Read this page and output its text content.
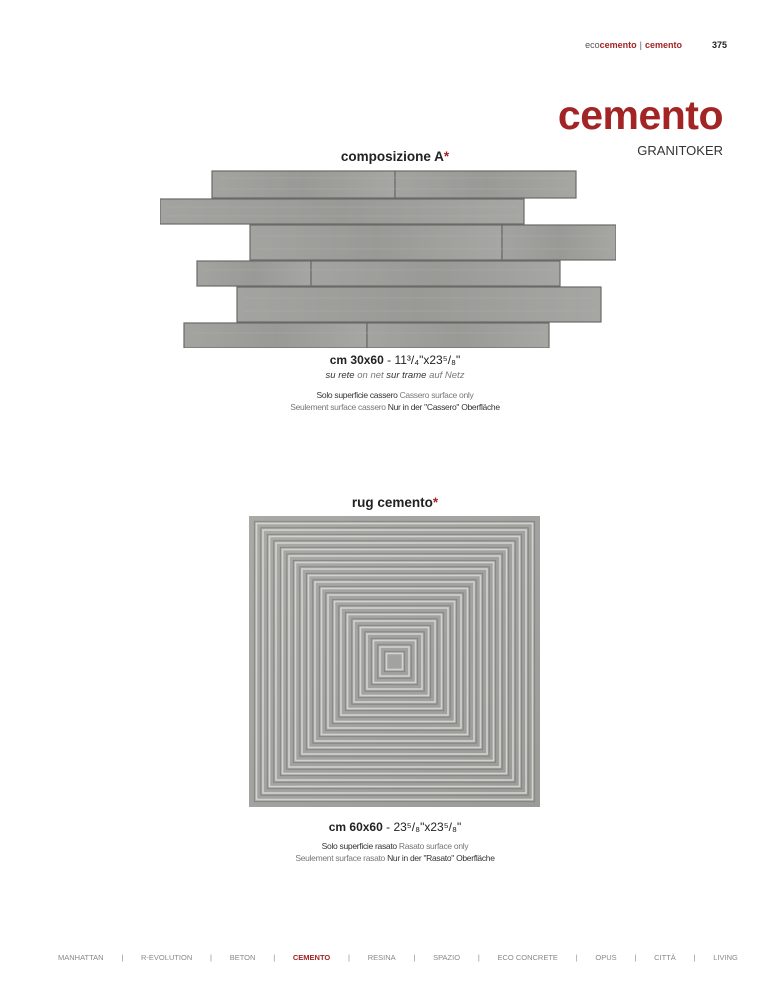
ecocemento | cemento	375
cemento
GRANITOKER
composizione A*
cm 30x60 - 11³/₄"x23⁵/₈"
su rete on net sur trame auf Netz
Solo superficie cassero Cassero surface only
Seulement surface cassero Nur in der "Cassero" Oberfläche
rug cemento*
cm 60x60 - 23⁵/₈"x23⁵/₈"
Solo superficie rasato Rasato surface only
Seulement surface rasato Nur in der "Rasato" Oberfläche
MANHATTAN | R-EVOLUTION | BETON | CEMENTO | RESINA | SPAZIO | ECO CONCRETE | OPUS | CITTÀ | LIVING
